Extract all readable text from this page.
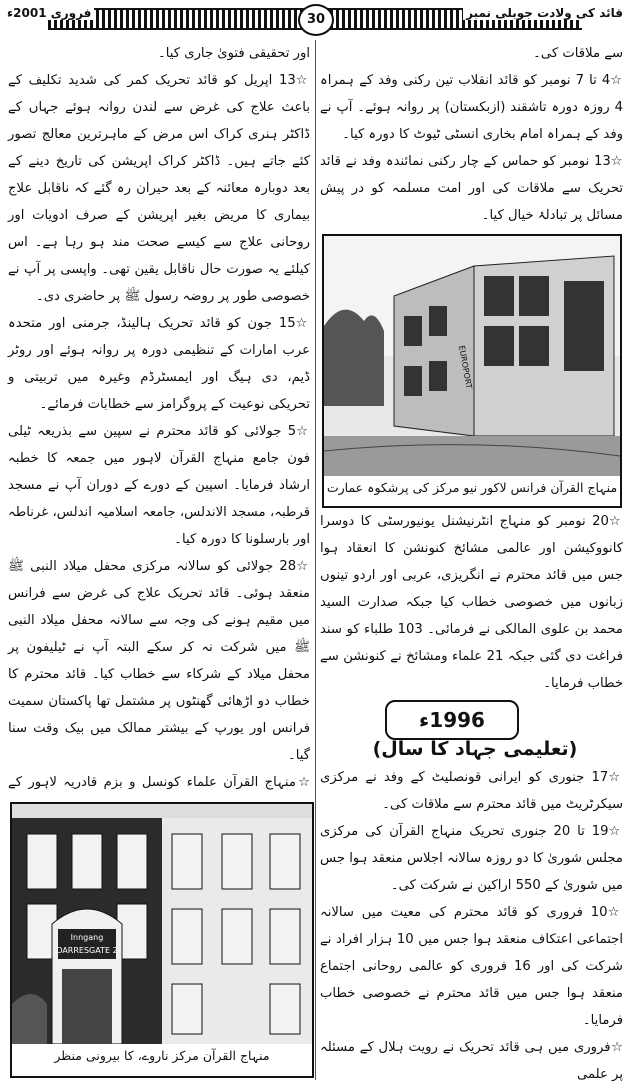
فروری 2001ء	قائد کی ولادت جوبلی نمبر
30

سے ملاقات کی۔

☆4 تا 7 نومبر کو قائد انقلاب تین رکنی وفد کے ہمراہ 4 روزہ دورہ تاشقند (ازبکستان) پر روانہ ہوئے۔ آپ نے وفد کے ہمراہ امام بخاری انسٹی ٹیوٹ کا دورہ کیا۔

☆13 نومبر کو حماس کے چار رکنی نمائندہ وفد نے قائد تحریک سے ملاقات کی اور امت مسلمہ کو در پیش مسائل پر تبادلۂ خیال کیا۔

EUROPORT
منہاج القرآن فرانس لاکور نیو مرکز کی پرشکوہ عمارت

☆20 نومبر کو منہاج انٹرنیشنل یونیورسٹی کا دوسرا کانووکیشن اور عالمی مشائخ کنونشن کا انعقاد ہوا جس میں قائد محترم نے انگریزی، عربی اور اردو تینوں زبانوں میں خصوصی خطاب کیا جبکہ صدارت السید محمد بن علوی المالکی نے فرمائی۔ 103 طلباء کو سند فراغت دی گئی جبکہ 21 علماء ومشائخ نے کنونشن سے خطاب فرمایا۔

1996ء
(تعلیمی جہاد کا سال)

☆17 جنوری کو ایرانی قونصلیٹ کے وفد نے مرکزی سیکرٹریٹ میں قائد محترم سے ملاقات کی۔

☆19 تا 20 جنوری تحریک منہاج القرآن کی مرکزی مجلس شوریٰ کا دو روزہ سالانہ اجلاس منعقد ہوا جس میں شوریٰ کے 550 اراکین نے شرکت کی۔

☆10 فروری کو قائد محترم کی معیت میں سالانہ اجتماعی اعتکاف منعقد ہوا جس میں 10 ہزار افراد نے شرکت کی اور 16 فروری کو عالمی روحانی اجتماع منعقد ہوا جس میں قائد محترم نے خصوصی خطاب فرمایا۔

☆فروری میں ہی قائد تحریک نے رویت ہلال کے مسئلہ پر علمی

اور تحقیقی فتویٰ جاری کیا۔

☆13 اپریل کو قائد تحریک کمر کی شدید تکلیف کے باعث علاج کی غرض سے لندن روانہ ہوئے جہاں کے ڈاکٹر ہنری کراک اس مرض کے ماہرترین معالج تصور کئے جاتے ہیں۔ ڈاکٹر کراک اپریشن کی تاریخ دینے کے بعد دوبارہ معائنہ کے بعد حیران رہ گئے کہ ناقابل علاج بیماری کا مریض بغیر اپریشن کے صرف ادویات اور روحانی علاج سے کیسے صحت مند ہو رہا ہے۔ اس کیلئے یہ صورت حال ناقابل یقین تھی۔ واپسی پر آپ نے خصوصی طور پر روضہ رسول ﷺ پر حاضری دی۔

☆15 جون کو قائد تحریک ہالینڈ، جرمنی اور متحدہ عرب امارات کے تنظیمی دورہ پر روانہ ہوئے اور روٹر ڈیم، دی ہیگ اور ایمسٹرڈم وغیرہ میں تربیتی و تحریکی نوعیت کے پروگرامز سے خطابات فرمائے۔

☆5 جولائی کو قائد محترم نے سپین سے بذریعہ ٹیلی فون جامع منہاج القرآن لاہور میں جمعہ کا خطبہ ارشاد فرمایا۔ اسپین کے دورے کے دوران آپ نے مسجد قرطبہ، مسجد الاندلس، جامعہ اسلامیہ اندلس، غرناطہ اور بارسلونا کا دورہ کیا۔

☆28 جولائی کو سالانہ مرکزی محفل میلاد النبی ﷺ منعقد ہوئی۔ قائد تحریک علاج کی غرض سے فرانس میں مقیم ہونے کی وجہ سے سالانہ محفل میلاد النبی ﷺ میں شرکت نہ کر سکے البتہ آپ نے ٹیلیفون پر محفل میلاد کے شرکاء سے خطاب کیا۔ قائد محترم کا خطاب دو اڑھائی گھنٹوں پر مشتمل تھا پاکستان سمیت فرانس اور یورپ کے بیشتر ممالک میں بیک وقت سنا گیا۔

☆منہاج القرآن علماء کونسل و بزم قادریہ لاہور کے

Inngang
DARRESGATE 2
منہاج القرآن مرکز ناروے، کا بیرونی منظر
